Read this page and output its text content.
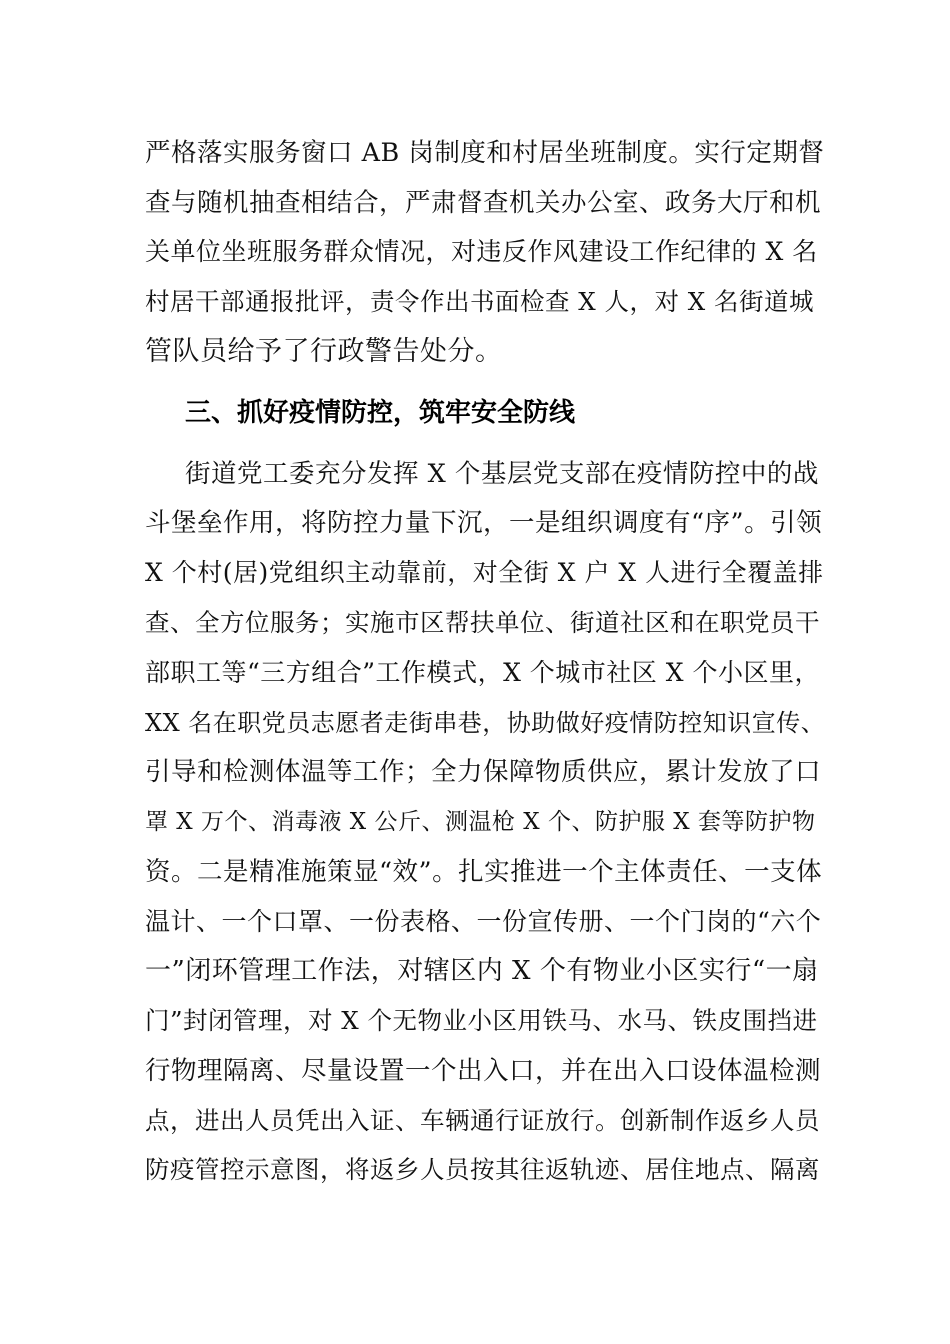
严格落实服务窗口 AB 岗制度和村居坐班制度。实行定期督
查与随机抽查相结合，严肃督查机关办公室、政务大厅和机
关单位坐班服务群众情况，对违反作风建设工作纪律的 X 名
村居干部通报批评，责令作出书面检查 X 人，对 X 名街道城
管队员给予了行政警告处分。
三、抓好疫情防控，筑牢安全防线
街道党工委充分发挥 X 个基层党支部在疫情防控中的战
斗堡垒作用，将防控力量下沉，一是组织调度有“序”。引领
X 个村(居)党组织主动靠前，对全街 X 户 X 人进行全覆盖排
查、全方位服务；实施市区帮扶单位、街道社区和在职党员干
部职工等“三方组合”工作模式，X 个城市社区 X 个小区里，
XX 名在职党员志愿者走街串巷，协助做好疫情防控知识宣传、
引导和检测体温等工作；全力保障物质供应，累计发放了口
罩 X 万个、消毒液 X 公斤、测温枪 X 个、防护服 X 套等防护物
资。二是精准施策显“效”。扎实推进一个主体责任、一支体
温计、一个口罩、一份表格、一份宣传册、一个门岗的“六个
一”闭环管理工作法，对辖区内 X 个有物业小区实行“一扇
门”封闭管理，对 X 个无物业小区用铁马、水马、铁皮围挡进
行物理隔离、尽量设置一个出入口，并在出入口设体温检测
点，进出人员凭出入证、车辆通行证放行。创新制作返乡人员
防疫管控示意图，将返乡人员按其往返轨迹、居住地点、隔离
